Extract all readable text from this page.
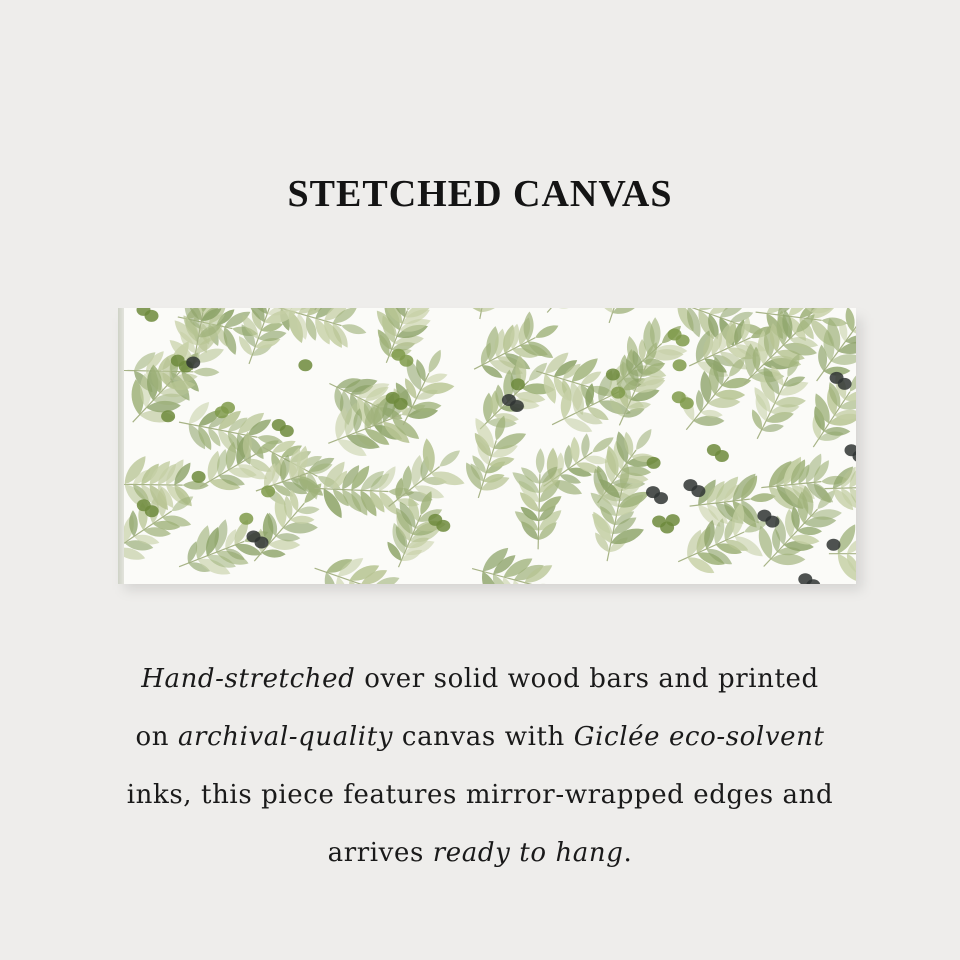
STETCHED CANVAS
Hand-stretched over solid wood bars and printed
on archival-quality canvas with Giclée eco-solvent
inks, this piece features mirror-wrapped edges and
arrives ready to hang.
